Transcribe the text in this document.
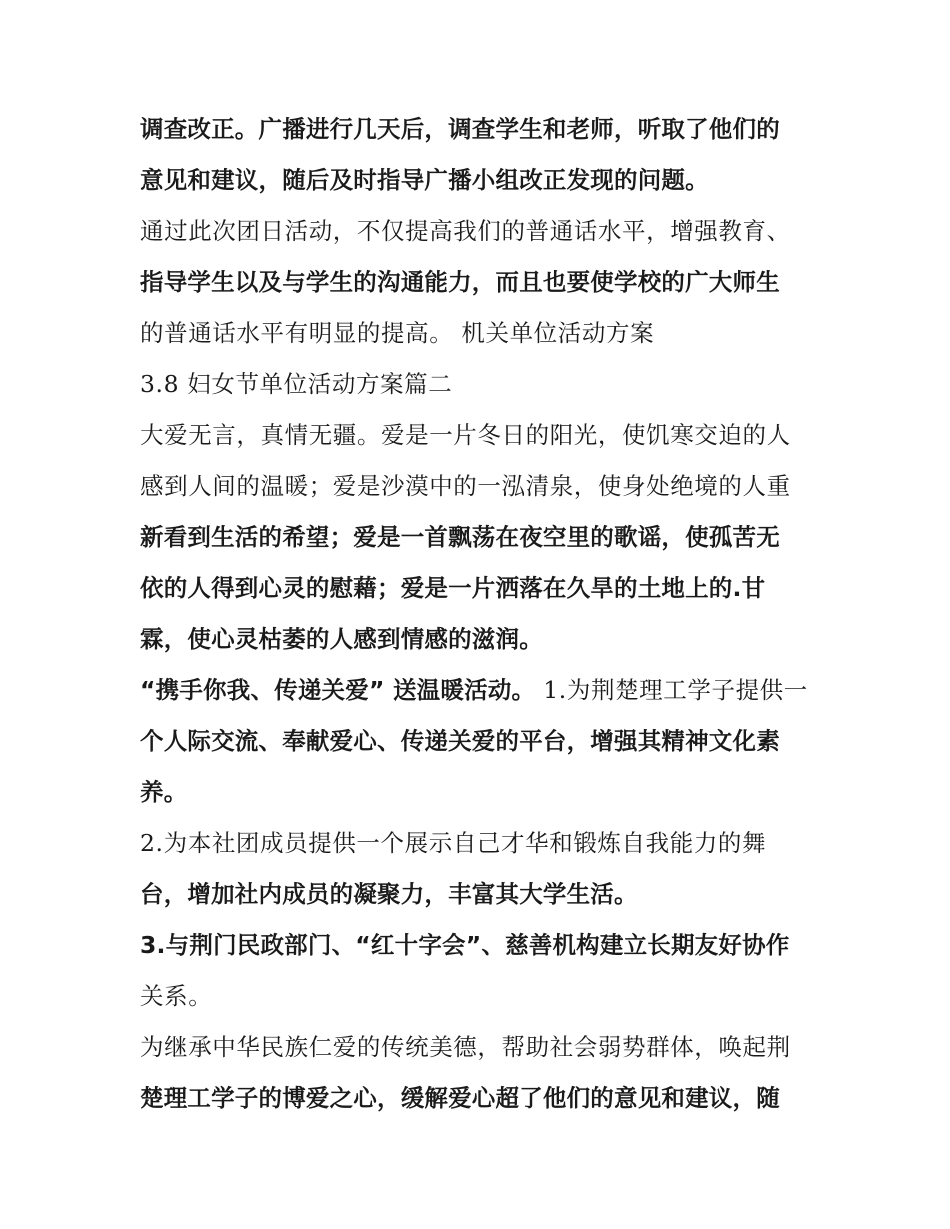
调查改正。广播进行几天后，调查学生和老师，听取了他们的
意见和建议，随后及时指导广播小组改正发现的问题。
通过此次团日活动，不仅提高我们的普通话水平，增强教育、
指导学生以及与学生的沟通能力，而且也要使学校的广大师生
的普通话水平有明显的提高。 机关单位活动方案
3.8 妇女节单位活动方案篇二
大爱无言，真情无疆。爱是一片冬日的阳光，使饥寒交迫的人
感到人间的温暖；爱是沙漠中的一泓清泉，使身处绝境的人重
新看到生活的希望；爱是一首飘荡在夜空里的歌谣，使孤苦无
依的人得到心灵的慰藉；爱是一片洒落在久旱的土地上的.甘
霖，使心灵枯萎的人感到情感的滋润。
“携手你我、传递关爱” 送温暖活动。 1.为荆楚理工学子提供一
个人际交流、奉献爱心、传递关爱的平台，增强其精神文化素
养。
2.为本社团成员提供一个展示自己才华和锻炼自我能力的舞
台，增加社内成员的凝聚力，丰富其大学生活。
3.与荆门民政部门、“红十字会”、慈善机构建立长期友好协作
关系。
为继承中华民族仁爱的传统美德，帮助社会弱势群体，唤起荆
楚理工学子的博爱之心，缓解爱心超了他们的意见和建议，随
